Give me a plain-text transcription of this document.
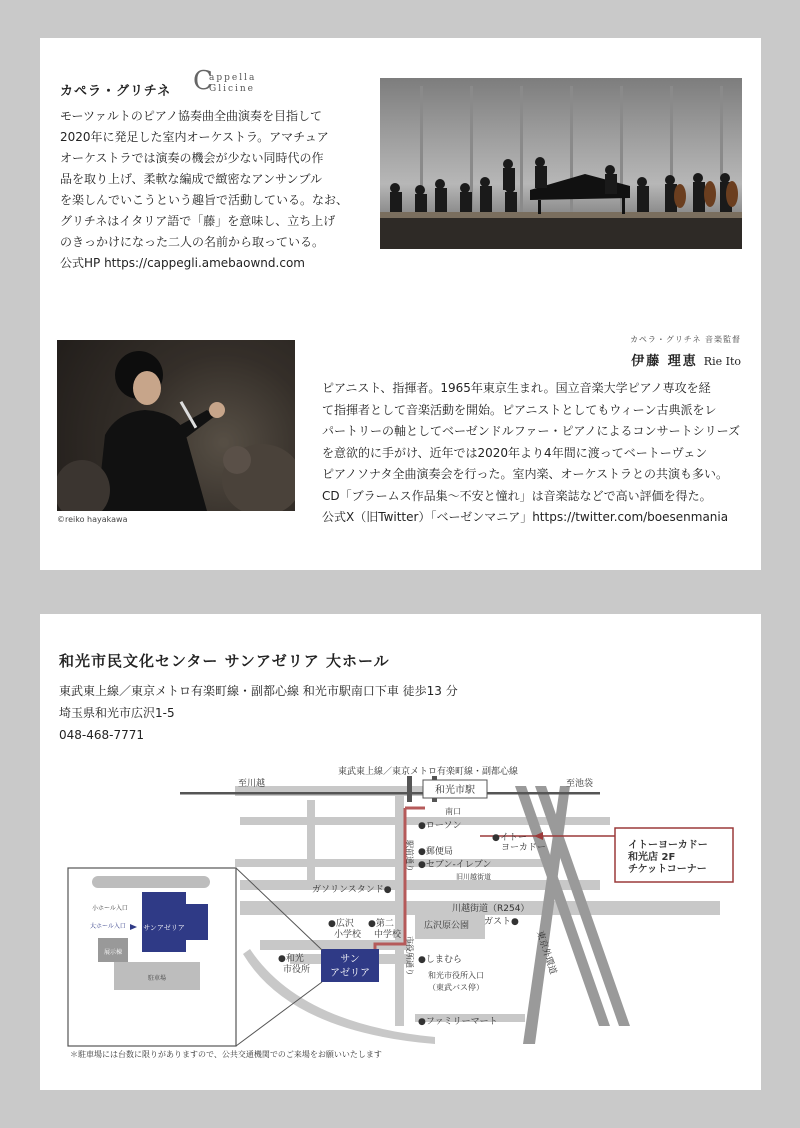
カペラ・グリチネ C
appella
Glicine
モーツァルトのピアノ協奏曲全曲演奏を目指して
2020年に発足した室内オーケストラ。アマチュア
オーケストラでは演奏の機会が少ない同時代の作
品を取り上げ、柔軟な編成で緻密なアンサンブル
を楽しんでいこうという趣旨で活動している。なお、
グリチネはイタリア語で「藤」を意味し、立ち上げ
のきっかけになった二人の名前から取っている。
公式HP https://cappegli.amebaownd.com
©reiko hayakawa
カペラ・グリチネ 音楽監督
伊藤 理恵 Rie Ito
ピアニスト、指揮者。1965年東京生まれ。国立音楽大学ピアノ専攻を経
て指揮者として音楽活動を開始。ピアニストとしてもウィーン古典派をレ
パートリーの軸としてベーゼンドルファー・ピアノによるコンサートシリーズ
を意欲的に手がけ、近年では2020年より4年間に渡ってベートーヴェン
ピアノソナタ全曲演奏会を行った。室内楽、オーケストラとの共演も多い。
CD「ブラームス作品集〜不安と憧れ」は音楽誌などで高い評価を得た。
公式X（旧Twitter）「ベーゼンマニア」https://twitter.com/boesenmania
和光市民文化センター サンアゼリア 大ホール
東武東上線／東京メトロ有楽町線・副都心線 和光市駅南口下車 徒歩13 分
埼玉県和光市広沢1-5
048-468-7771
和光市駅
イトーヨーカドー
和光店 2F
チケットコーナー
サン
アゼリア
サンアゼリア
展示棟
駐車場
小ホール入口
大ホール入口
東武東上線／東京メトロ有楽町線・副都心線
至川越	至池袋
南口
●ローソン
●イトー
ヨーカドー
●郵便局
●セブン‐イレブン
旧川越街道
ガソリンスタンド●
川越街道（R254）
●広沢
小学校
●第二
中学校
広沢原公園 ガスト●
●和光
市役所
●しまむら
和光市役所入口
（東武バス停）
●ファミリーマート
駅前通り
市役所通り	東京外環道
＊駐車場には台数に限りがありますので、公共交通機関でのご来場をお願いいたします
